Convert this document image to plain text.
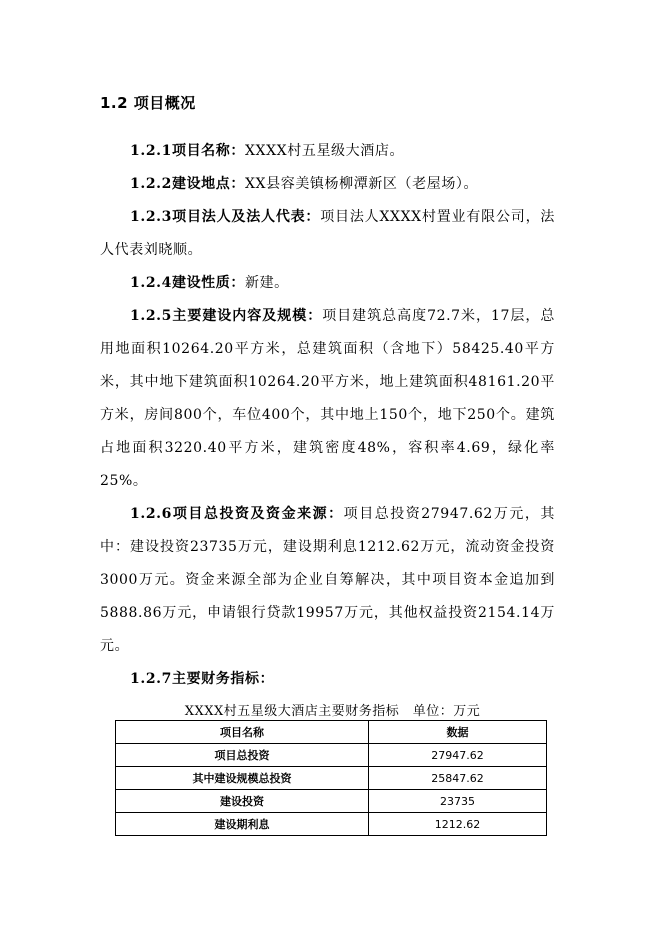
1.2 项目概况
1.2.1项目名称：XXXX村五星级大酒店。
1.2.2建设地点：XX县容美镇杨柳潭新区（老屋场）。
1.2.3项目法人及法人代表：项目法人XXXX村置业有限公司，法人代表刘晓顺。
1.2.4建设性质：新建。
1.2.5主要建设内容及规模：项目建筑总高度72.7米，17层，总用地面积10264.20平方米，总建筑面积（含地下）58425.40平方米，其中地下建筑面积10264.20平方米，地上建筑面积48161.20平方米，房间800个，车位400个，其中地上150个，地下250个。建筑占地面积3220.40平方米，建筑密度48%，容积率4.69，绿化率25%。
1.2.6项目总投资及资金来源：项目总投资27947.62万元，其中：建设投资23735万元，建设期利息1212.62万元，流动资金投资3000万元。资金来源全部为企业自筹解决，其中项目资本金追加到5888.86万元，申请银行贷款19957万元，其他权益投资2154.14万元。
1.2.7主要财务指标：
XXXX村五星级大酒店主要财务指标　单位：万元
项目名称	数据
项目总投资	27947.62
其中建设规模总投资	25847.62
建设投资	23735
建设期利息	1212.62
